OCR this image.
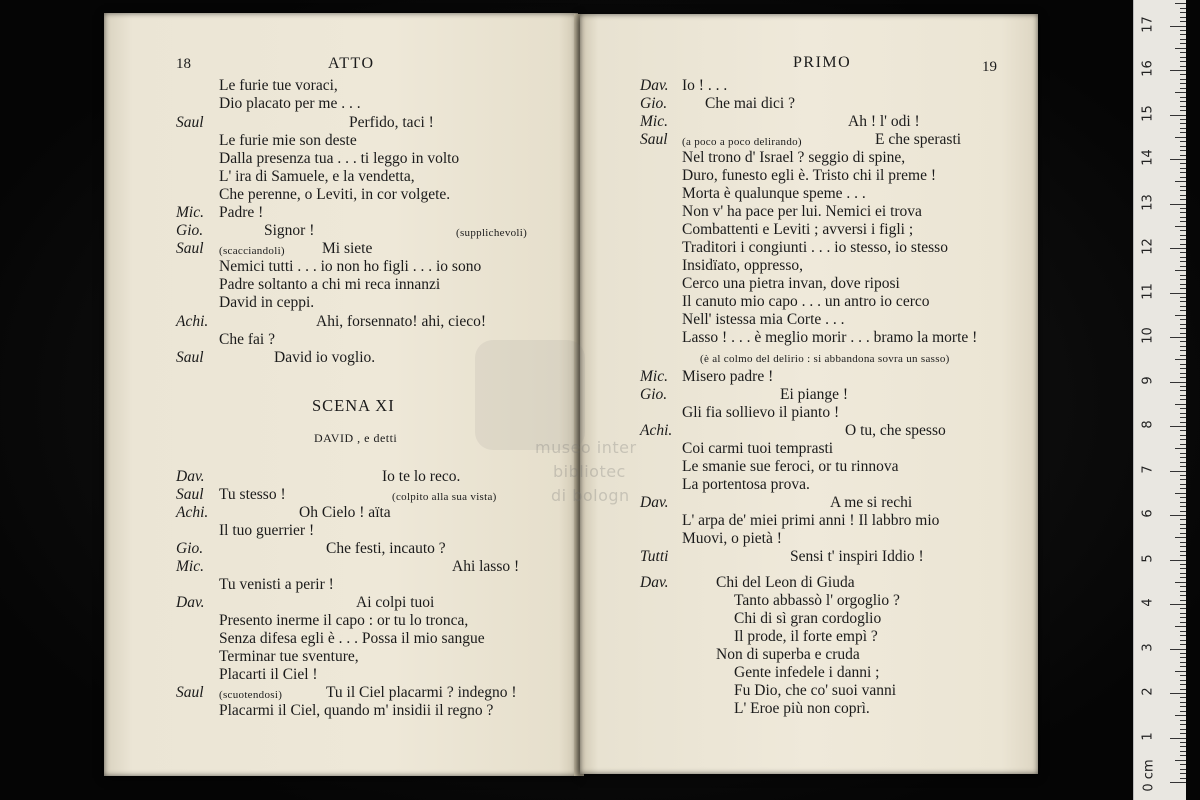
18	ATTO
Le furie tue voraci,
Dio placato per me . . .
Saul	Perfido, taci !
Le furie mie son deste
Dalla presenza tua . . . ti leggo in volto
L' ira di Samuele, e la vendetta,
Che perenne, o Leviti, in cor volgete.
Mic. Padre !
Gio.	Signor !	(supplichevoli)
Saul (scacciandoli) Mi siete
Nemici tutti . . . io non ho figli . . . io sono
Padre soltanto a chi mi reca innanzi
David in ceppi.
Achi.	Ahi, forsennato! ahi, cieco!
Che fai ?
Saul	David io voglio.
SCENA XI
DAVID , e detti
Dav.	Io te lo reco.
Saul Tu stesso !	(colpito alla sua vista)
Achi.	Oh Cielo ! aïta
Il tuo guerrier !
Gio.	Che festi, incauto ?
Mic.	Ahi lasso !
Tu venisti a perir !
Dav.	Ai colpi tuoi
Presento inerme il capo : or tu lo tronca,
Senza difesa egli è . . . Possa il mio sangue
Terminar tue sventure,
Placarti il Ciel !
Saul (scuotendosi)	Tu il Ciel placarmi ? indegno !
Placarmi il Ciel, quando m' insidii il regno ?
PRIMO	19
Dav. Io ! . . .
Gio. Che mai dici ?
Mic.	Ah ! l' odi !
Saul (a poco a poco delirando)	E che sperasti
Nel trono d' Israel ? seggio di spine,
Duro, funesto egli è. Tristo chi il preme !
Morta è qualunque speme . . .
Non v' ha pace per lui. Nemici ei trova
Combattenti e Leviti ; avversi i figli ;
Traditori i congiunti . . . io stesso, io stesso
Insidïato, oppresso,
Cerco una pietra invan, dove riposi
Il canuto mio capo . . . un antro io cerco
Nell' istessa mia Corte . . .
Lasso ! . . . è meglio morir . . . bramo la morte !
(è al colmo del delirio : si abbandona sovra un sasso)
Mic. Misero padre !
Gio.	Ei piange !
Gli fia sollievo il pianto !
Achi.	O tu, che spesso
Coi carmi tuoi temprasti
Le smanie sue feroci, or tu rinnova
La portentosa prova.
Dav.	A me si rechi
L' arpa de' miei primi anni ! Il labbro mio
Muovi, o pietà !
Tutti	Sensi t' inspiri Iddio !
Dav.	Chi del Leon di Giuda
Tanto abbassò l' orgoglio ?
Chi di sì gran cordoglio
Il prode, il forte empì ?
Non di superba e cruda
Gente infedele i danni ;
Fu Dio, che co' suoi vanni
L' Eroe più non coprì.
museo inter
bibliotec
di bologn
0 cm
1
2
3
4
5
6
7
8
9
10
11
12
13
14
15
16
17
